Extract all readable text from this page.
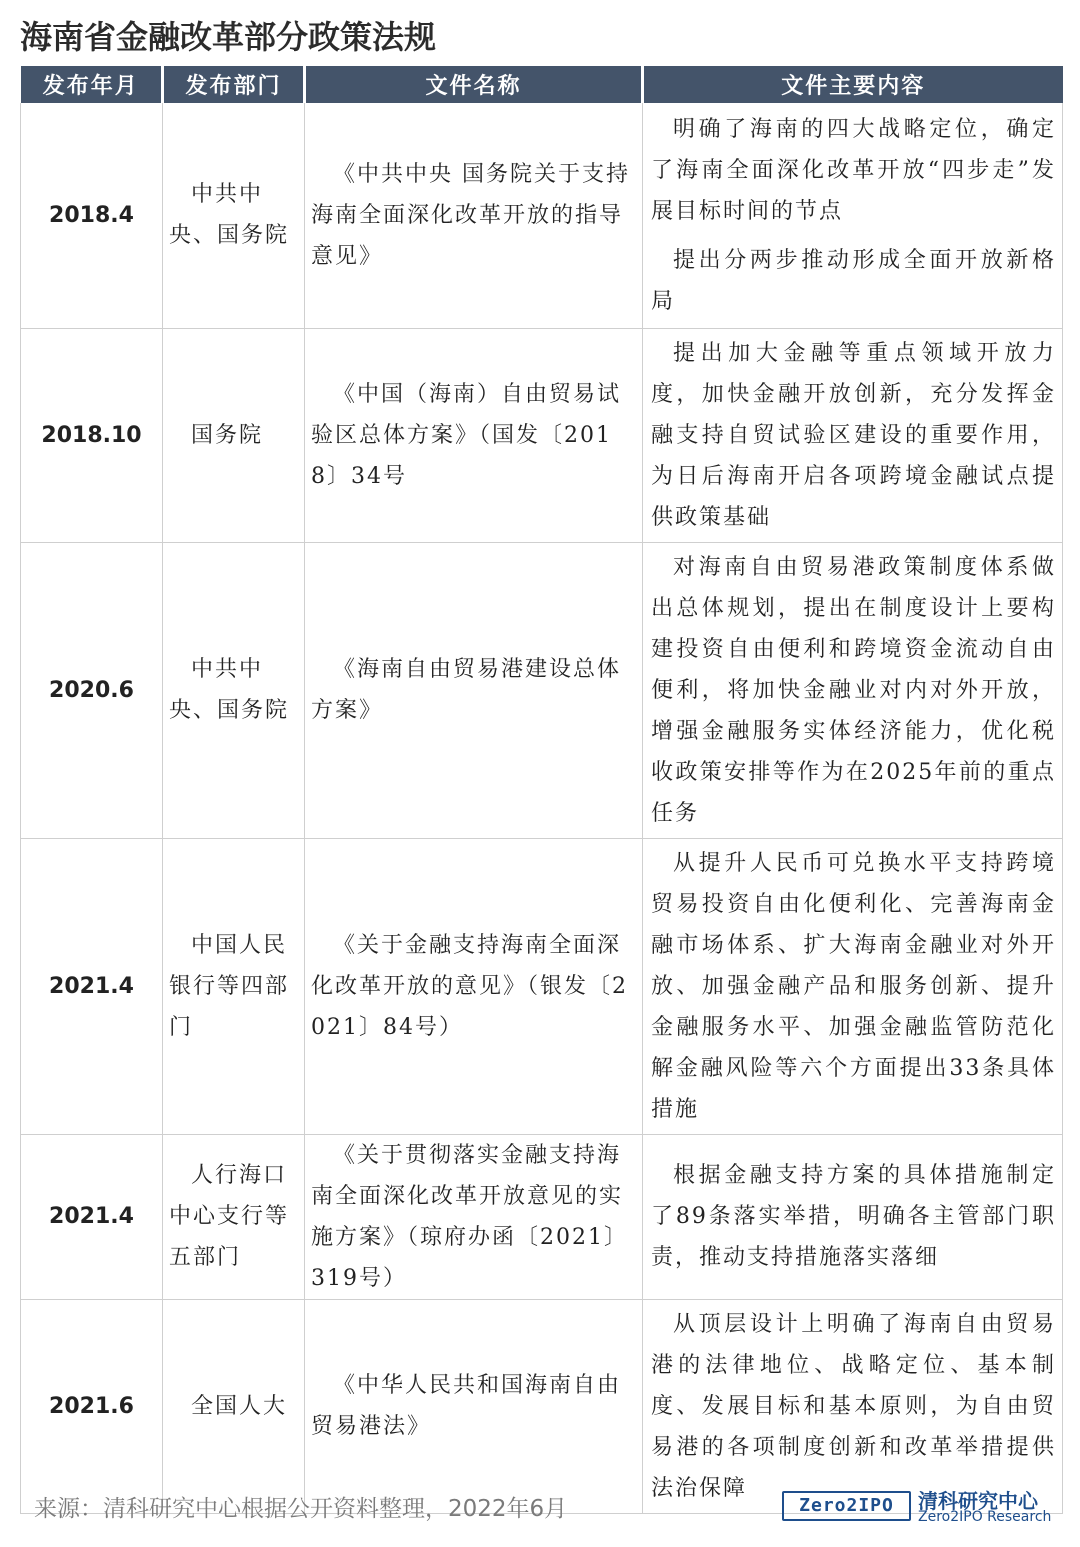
海南省金融改革部分政策法规
发布年月	发布部门	文件名称	文件主要内容
2018.4	中共中央、国务院	《中共中央 国务院关于支持海南全面深化改革开放的指导意见》	明确了海南的四大战略定位，确定了海南全面深化改革开放“四步走”发展目标时间的节点
提出分两步推动形成全面开放新格局

2018.10	国务院	《中国（海南）自由贸易试验区总体方案》（国发〔2018〕34号	提出加大金融等重点领域开放力度，加快金融开放创新，充分发挥金融支持自贸试验区建设的重要作用，为日后海南开启各项跨境金融试点提供政策基础

2020.6	中共中央、国务院	《海南自由贸易港建设总体方案》	对海南自由贸易港政策制度体系做出总体规划，提出在制度设计上要构建投资自由便利和跨境资金流动自由便利，将加快金融业对内对外开放，增强金融服务实体经济能力，优化税收政策安排等作为在2025年前的重点任务

2021.4	中国人民银行等四部门	《关于金融支持海南全面深化改革开放的意见》（银发〔2021〕84号）	从提升人民币可兑换水平支持跨境贸易投资自由化便利化、完善海南金融市场体系、扩大海南金融业对外开放、加强金融产品和服务创新、提升金融服务水平、加强金融监管防范化解金融风险等六个方面提出33条具体措施

2021.4	人行海口中心支行等五部门	《关于贯彻落实金融支持海南全面深化改革开放意见的实施方案》（琼府办函〔2021〕319号）	根据金融支持方案的具体措施制定了89条落实举措，明确各主管部门职责，推动支持措施落实落细

2021.6	全国人大	《中华人民共和国海南自由贸易港法》	从顶层设计上明确了海南自由贸易港的法律地位、战略定位、基本制度、发展目标和基本原则，为自由贸易港的各项制度创新和改革举措提供法治保障
来源：清科研究中心根据公开资料整理，2022年6月	Zero2IPO	清科研究中心
Zero2IPO Research
